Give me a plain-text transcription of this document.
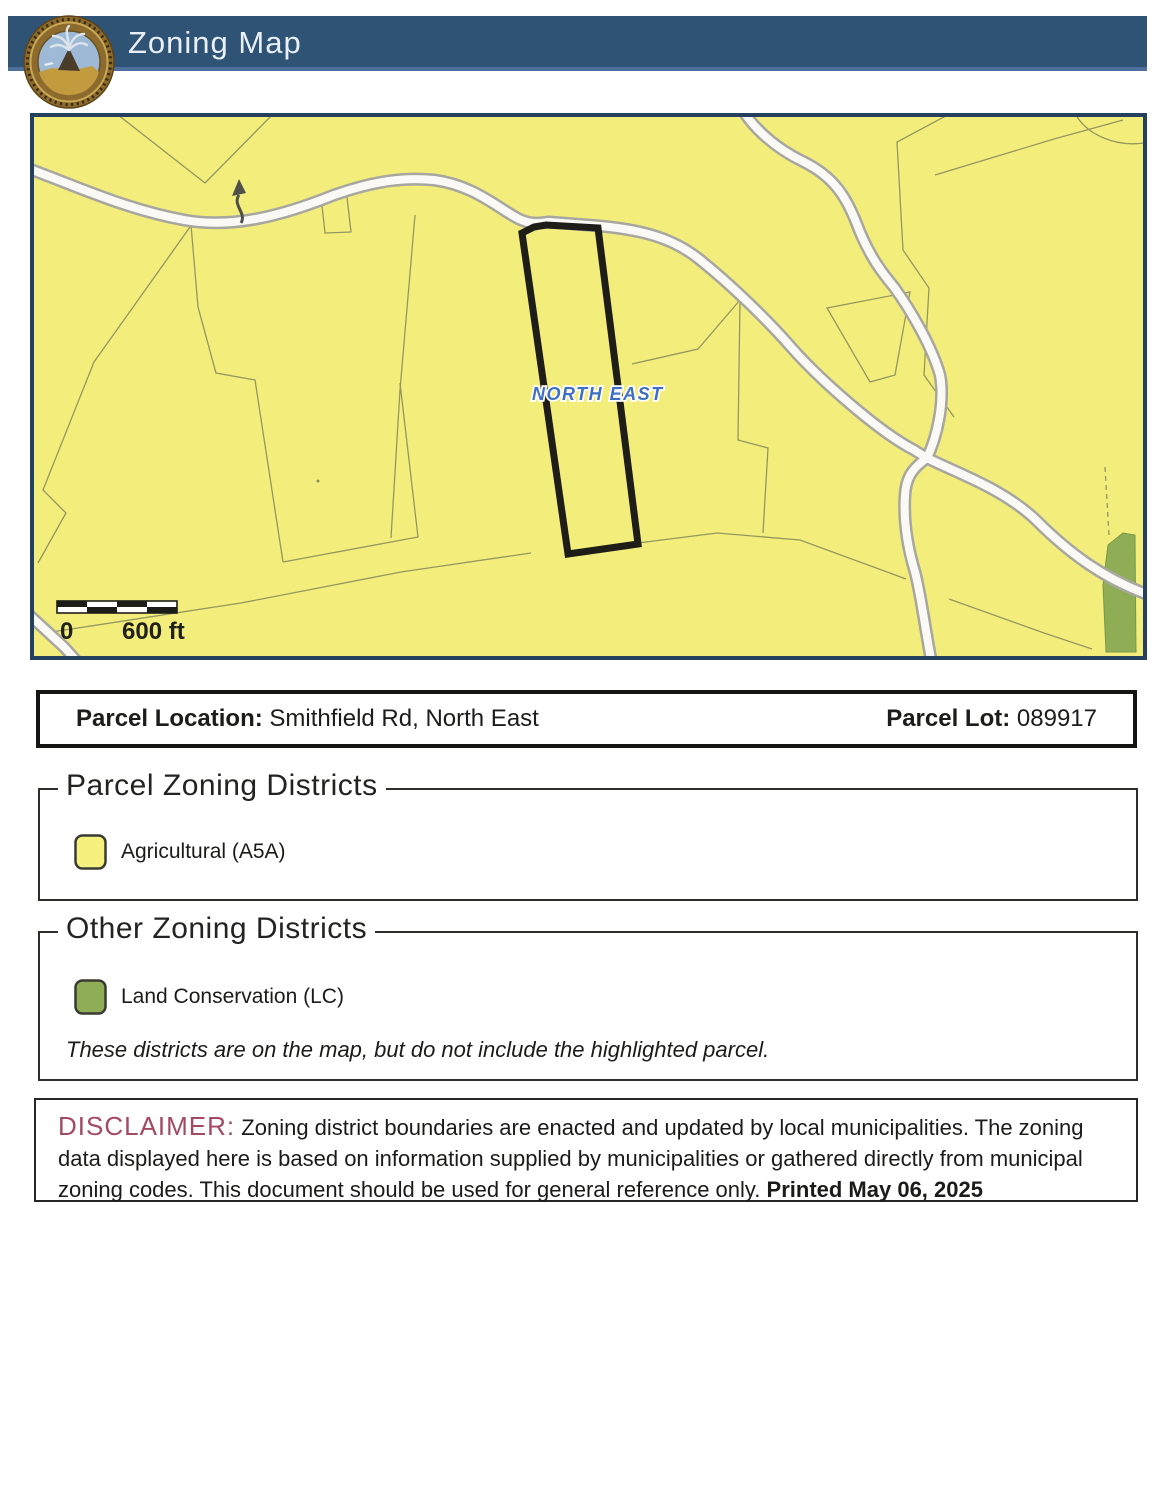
Zoning Map
NORTH EAST
0 600 ft
Parcel Location: Smithfield Rd, North East	Parcel Lot: 089917
Parcel Zoning Districts
Agricultural (A5A)
Other Zoning Districts
Land Conservation (LC)
These districts are on the map, but do not include the highlighted parcel.
DISCLAIMER: Zoning district boundaries are enacted and updated by local municipalities. The zoning data displayed here is based on information supplied by municipalities or gathered directly from municipal zoning codes. This document should be used for general reference only. Printed May 06, 2025
